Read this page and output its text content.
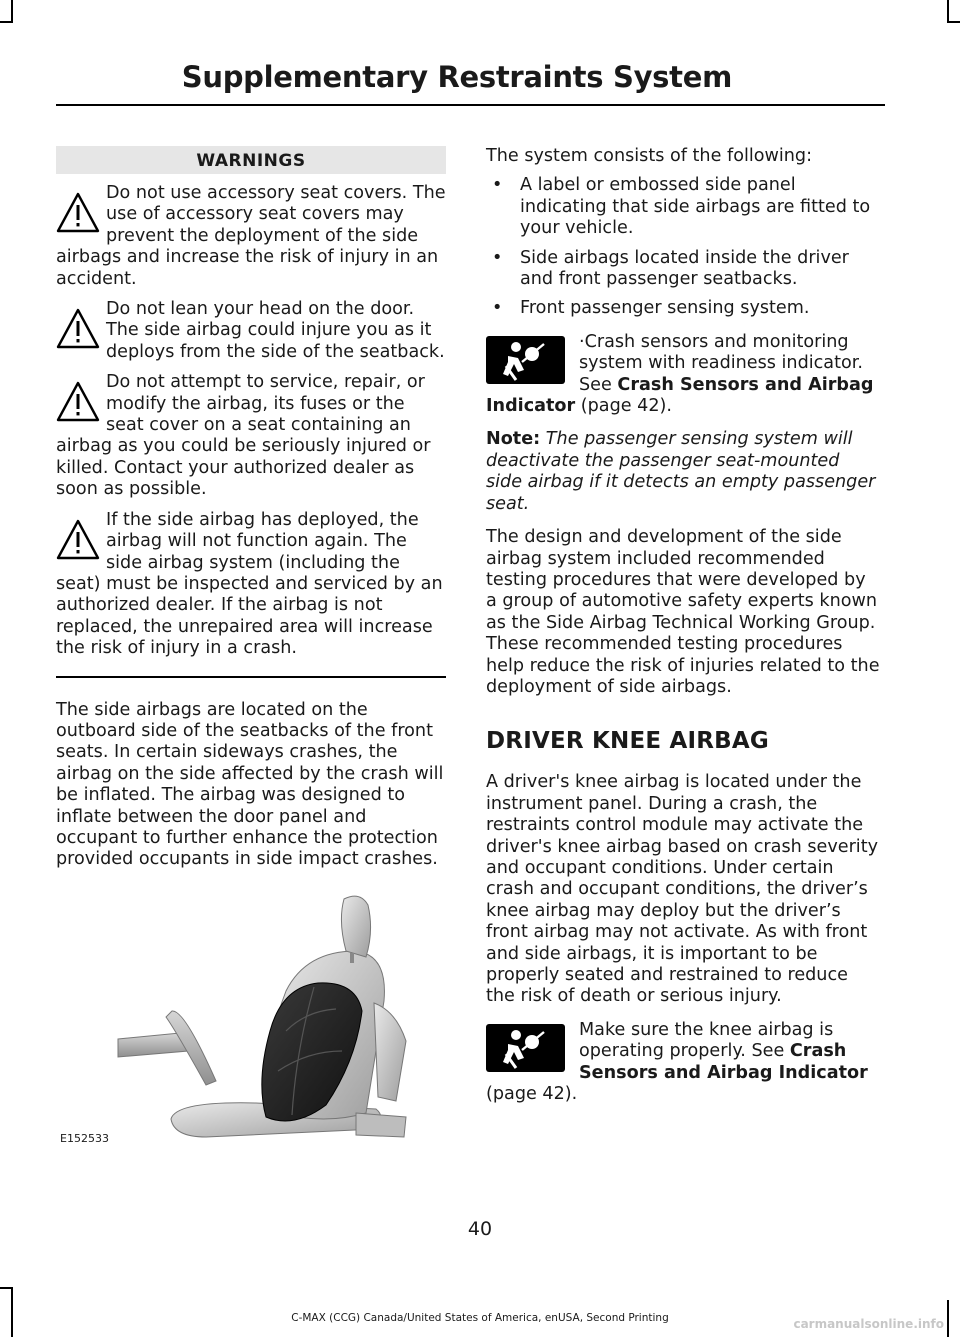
Supplementary Restraints System
WARNINGS

Do not use accessory seat covers. The use of accessory seat covers may prevent the deployment of the side airbags and increase the risk of injury in an accident.

Do not lean your head on the door. The side airbag could injure you as it deploys from the side of the seatback.

Do not attempt to service, repair, or modify the airbag, its fuses or the seat cover on a seat containing an airbag as you could be seriously injured or killed. Contact your authorized dealer as soon as possible.

If the side airbag has deployed, the airbag will not function again. The side airbag system (including the seat) must be inspected and serviced by an authorized dealer. If the airbag is not replaced, the unrepaired area will increase the risk of injury in a crash.

The side airbags are located on the outboard side of the seatbacks of the front seats. In certain sideways crashes, the airbag on the side affected by the crash will be inflated. The airbag was designed to inflate between the door panel and occupant to further enhance the protection provided occupants in side impact crashes.

E152533

The system consists of the following:

• A label or embossed side panel indicating that side airbags are fitted to your vehicle.
• Side airbags located inside the driver and front passenger seatbacks.
• Front passenger sensing system.

·Crash sensors and monitoring system with readiness indicator. See Crash Sensors and Airbag Indicator (page 42).

Note: The passenger sensing system will deactivate the passenger seat-mounted side airbag if it detects an empty passenger seat.

The design and development of the side airbag system included recommended testing procedures that were developed by a group of automotive safety experts known as the Side Airbag Technical Working Group. These recommended testing procedures help reduce the risk of injuries related to the deployment of side airbags.

DRIVER KNEE AIRBAG

A driver's knee airbag is located under the instrument panel. During a crash, the restraints control module may activate the driver's knee airbag based on crash severity and occupant conditions. Under certain crash and occupant conditions, the driver’s knee airbag may deploy but the driver’s front airbag may not activate. As with front and side airbags, it is important to be properly seated and restrained to reduce the risk of death or serious injury.

Make sure the knee airbag is operating properly. See Crash Sensors and Airbag Indicator (page 42).

40
C-MAX (CCG) Canada/United States of America, enUSA, Second Printing	carmanualsonline.info
